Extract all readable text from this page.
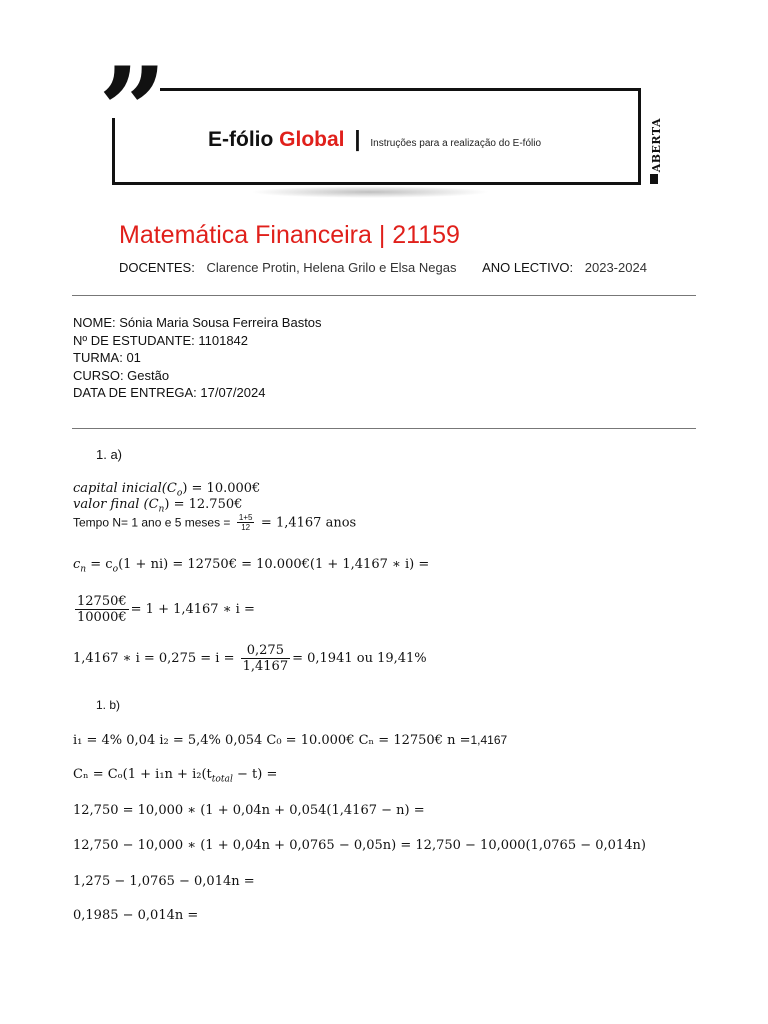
”	E-fólio Global | Instruções para a realização do E-fólio	ABERTA
Matemática Financeira | 21159
DOCENTES: Clarence Protin, Helena Grilo e Elsa Negas ANO LECTIVO: 2023-2024
NOME: Sónia Maria Sousa Ferreira Bastos
Nº DE ESTUDANTE: 1101842
TURMA: 01
CURSO: Gestão
DATA DE ENTREGA: 17/07/2024
1. a)
capital $inicial(C_o)$ = 10.000€
valor final $(C_n)$ = 12.750€
Tempo N= 1 ano e 5 meses = $\frac{1+5}{12} = 1,4167$ anos
$c_n = c_o(1 + ni)$ = 12750€ = 10.000€(1 + 1,4167 ∗ i) =
$\frac{12750€}{10000€} = 1 + 1,4167$ ∗ i =
1,4167 ∗ $i = 0,275 = i = \frac{0,275}{1,4167} = 0,1941$ ou 19,41%
1. b)
i₁ = 4% 0,04 i₂ = 5,4% 0,054 C₀ = 10.000€ Cₙ = 12750€ n =1,4167
$C_n = C_o(1 + i_1n + i_2(t_{total} - t)$ =
12,750 = 10,000 ∗ (1 + 0,04n + 0,054(1,4167 − n) =
12,750 − 10,000 ∗ (1 + 0,04n + 0,0765 − 0,05n) = 12,750 − 10,000(1,0765 − 0,014n)
1,275 − 1,0765 − 0,014n =
0,1985 − 0,014n =
